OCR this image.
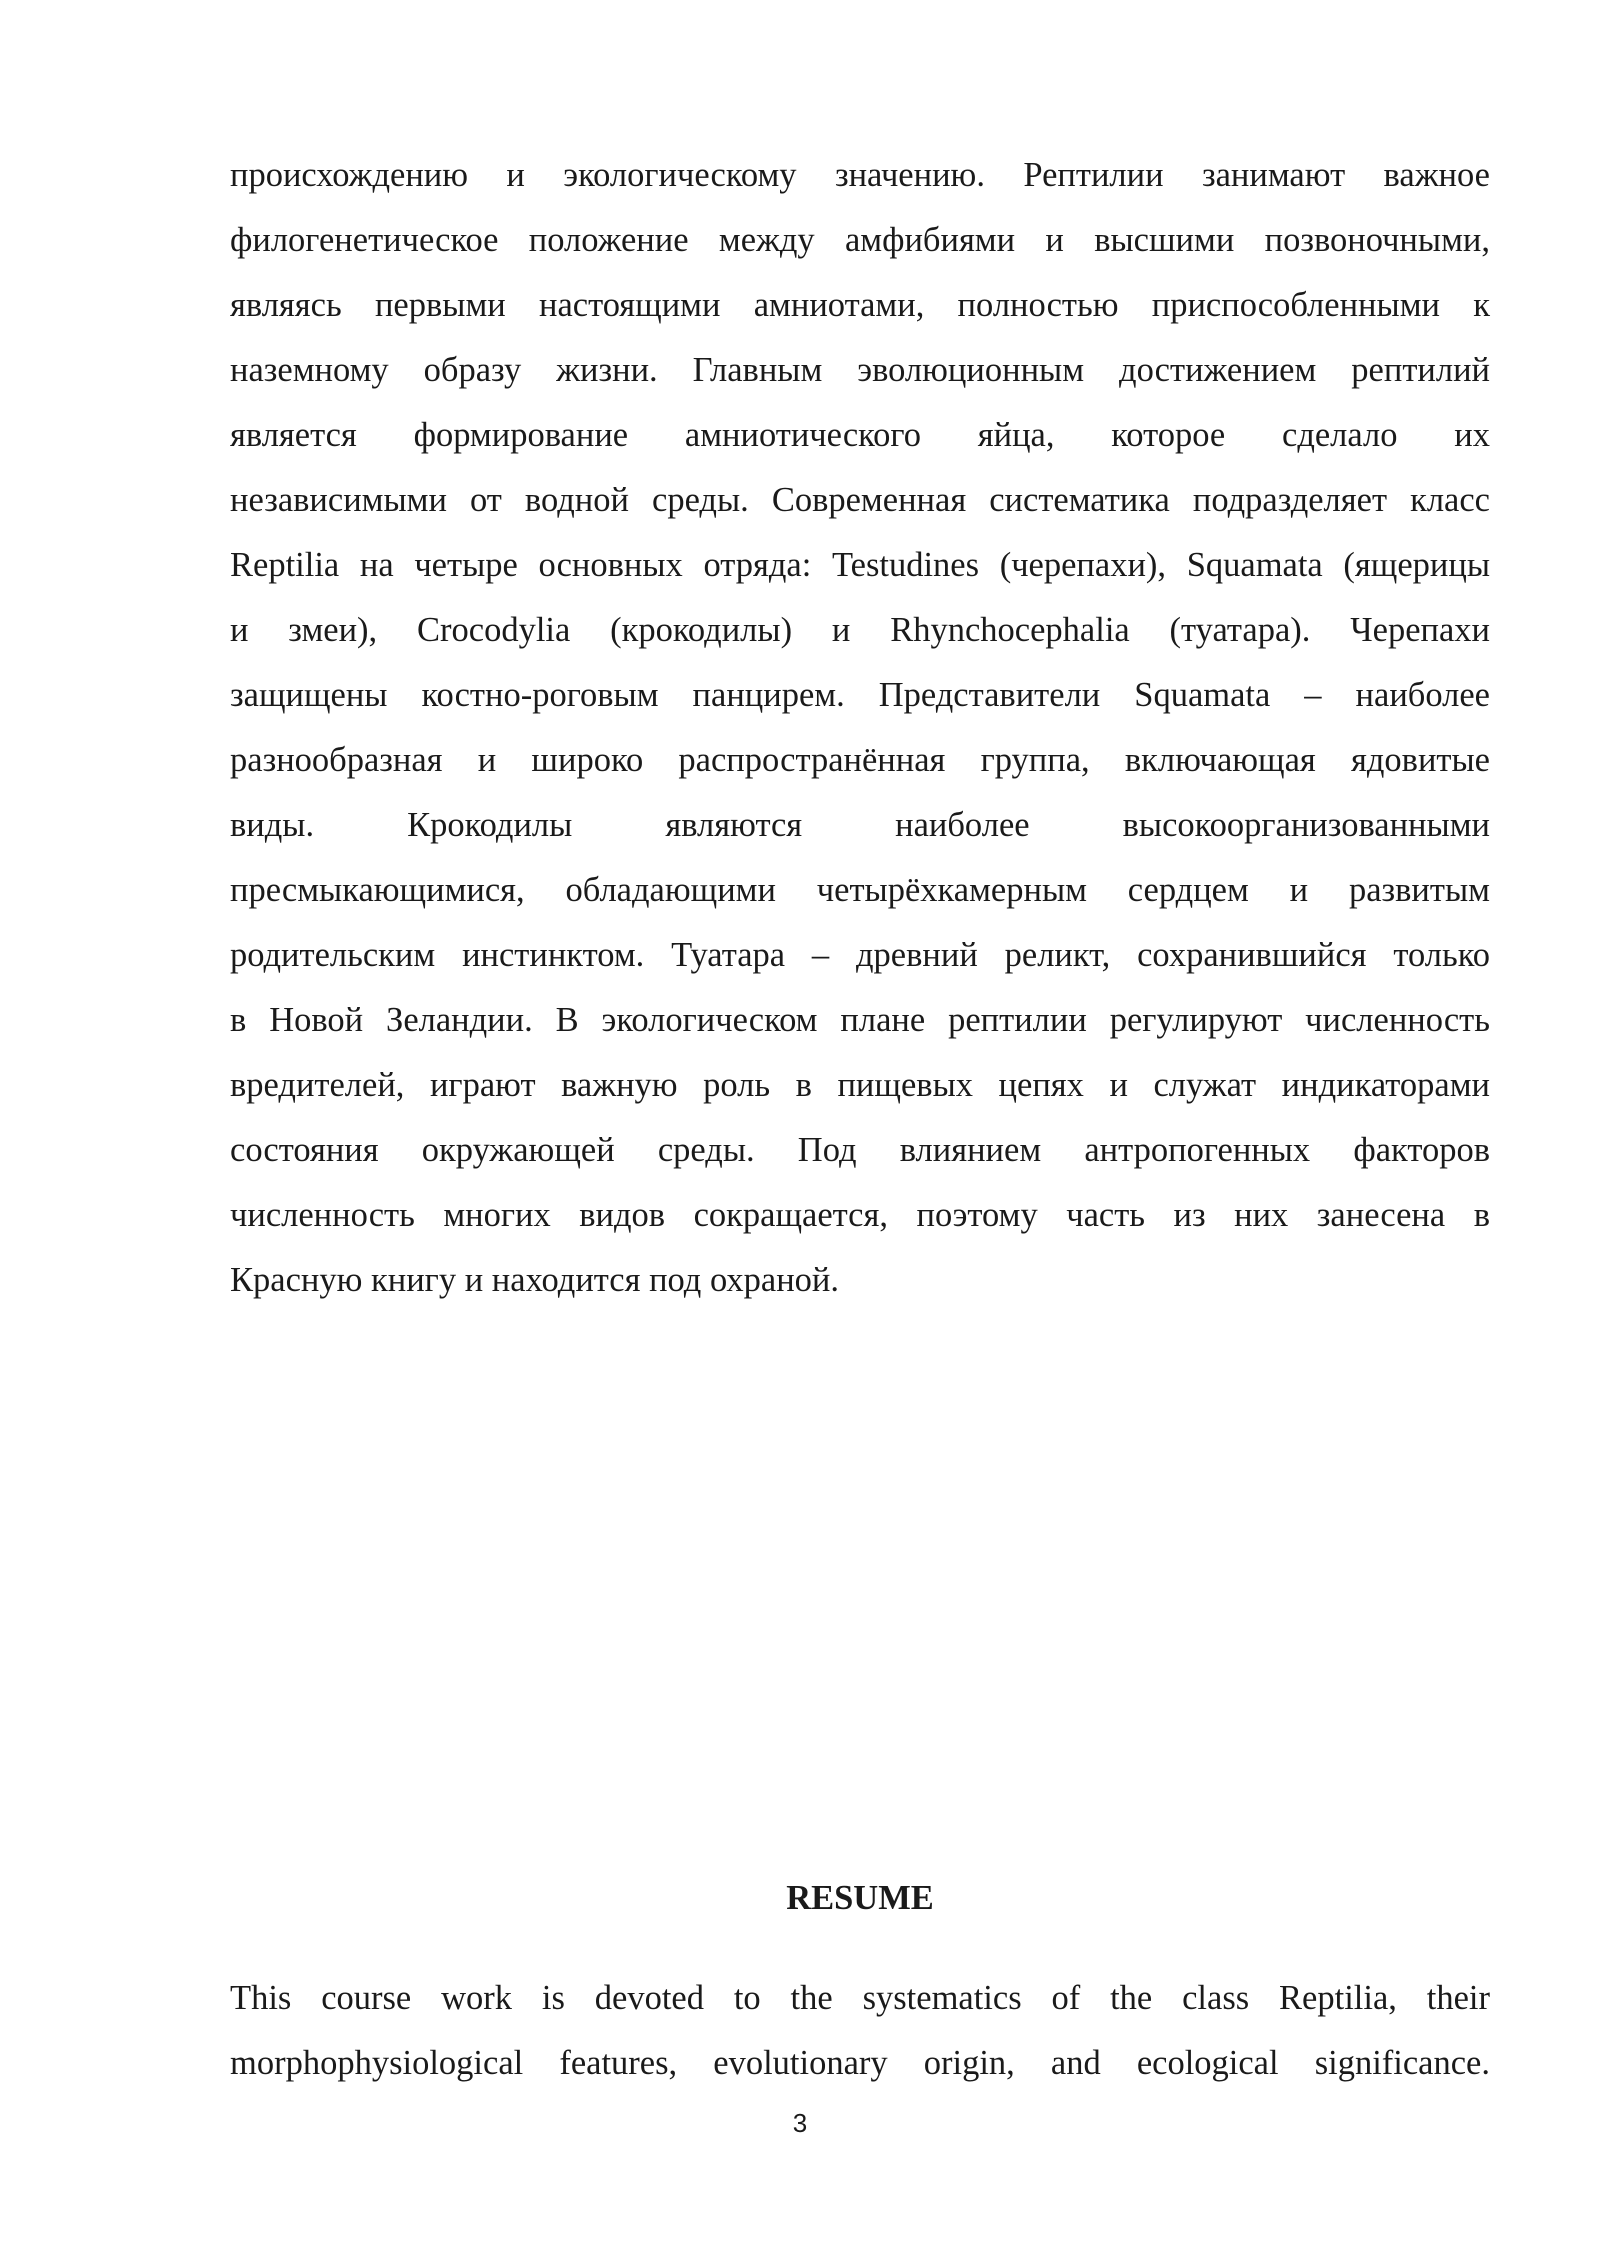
происхождению и экологическому значению. Рептилии занимают важное
филогенетическое положение между амфибиями и высшими позвоночными,
являясь первыми настоящими амниотами, полностью приспособленными к
наземному образу жизни. Главным эволюционным достижением рептилий
является формирование амниотического яйца, которое сделало их
независимыми от водной среды. Современная систематика подразделяет класс
Reptilia на четыре основных отряда: Testudines (черепахи), Squamata (ящерицы
и змеи), Crocodylia (крокодилы) и Rhynchocephalia (туатара). Черепахи
защищены костно-роговым панцирем. Представители Squamata – наиболее
разнообразная и широко распространённая группа, включающая ядовитые
виды. Крокодилы являются наиболее высокоорганизованными
пресмыкающимися, обладающими четырёхкамерным сердцем и развитым
родительским инстинктом. Туатара – древний реликт, сохранившийся только
в Новой Зеландии. В экологическом плане рептилии регулируют численность
вредителей, играют важную роль в пищевых цепях и служат индикаторами
состояния окружающей среды. Под влиянием антропогенных факторов
численность многих видов сокращается, поэтому часть из них занесена в
Красную книгу и находится под охраной.
RESUME
This course work is devoted to the systematics of the class Reptilia, their
morphophysiological features, evolutionary origin, and ecological significance.
3
